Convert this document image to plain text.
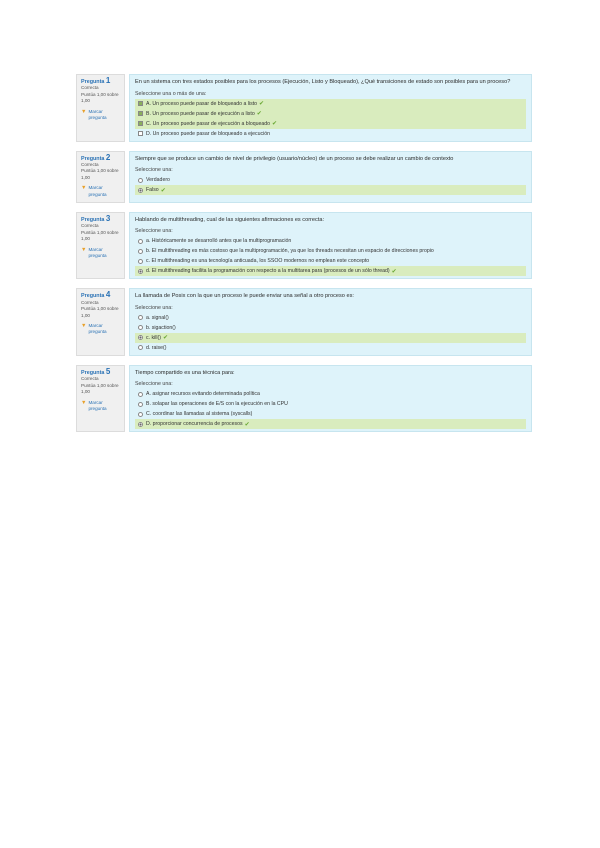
Pregunta 1
Correcta
Puntúa 1,00 sobre 1,00
▼ Marcar pregunta
En un sistema con tres estados posibles para los procesos (Ejecución, Listo y Bloqueado), ¿Qué transiciones de estado son posibles para un proceso?
Seleccione una o más de una:
A. Un proceso puede pasar de bloqueado a listo ✔
B. Un proceso puede pasar de ejecución a listo ✔
C. Un proceso puede pasar de ejecución a bloqueado ✔
D. Un proceso puede pasar de bloqueado a ejecución
Pregunta 2
Correcta
Puntúa 1,00 sobre 1,00
▼ Marcar pregunta
Siempre que se produce un cambio de nivel de privilegio (usuario/núcleo) de un proceso se debe realizar un cambio de contexto
Seleccione una:
Verdadero
Falso ✔
Pregunta 3
Correcta
Puntúa 1,00 sobre 1,00
▼ Marcar pregunta
Hablando de multithreading, cual de las siguientes afirmaciones es correcta:
Seleccione una:
a. Históricamente se desarrolló antes que la multiprogramación
b. El multithreading es más costoso que la multiprogramación, ya que los threads necesitan un espacio de direcciones propio
c. El multithreading es una tecnología anticuada, los SSOO modernos no emplean este concepto
d. El multithreading facilita la programación con respecto a la multitarea para (procesos de un sólo thread) ✔
Pregunta 4
Correcta
Puntúa 1,00 sobre 1,00
▼ Marcar pregunta
La llamada de Posix con la que un proceso le puede enviar una señal a otro proceso es:
Seleccione una:
a. signal()
b. sigaction()
c. kill() ✔
d. raise()
Pregunta 5
Correcta
Puntúa 1,00 sobre 1,00
▼ Marcar pregunta
Tiempo compartido es una técnica para:
Seleccione una:
A. asignar recursos evitando determinada política
B. solapar las operaciones de E/S con la ejecución en la CPU
C. coordinar las llamadas al sistema (syscalls)
D. proporcionar concurrencia de procesos ✔
